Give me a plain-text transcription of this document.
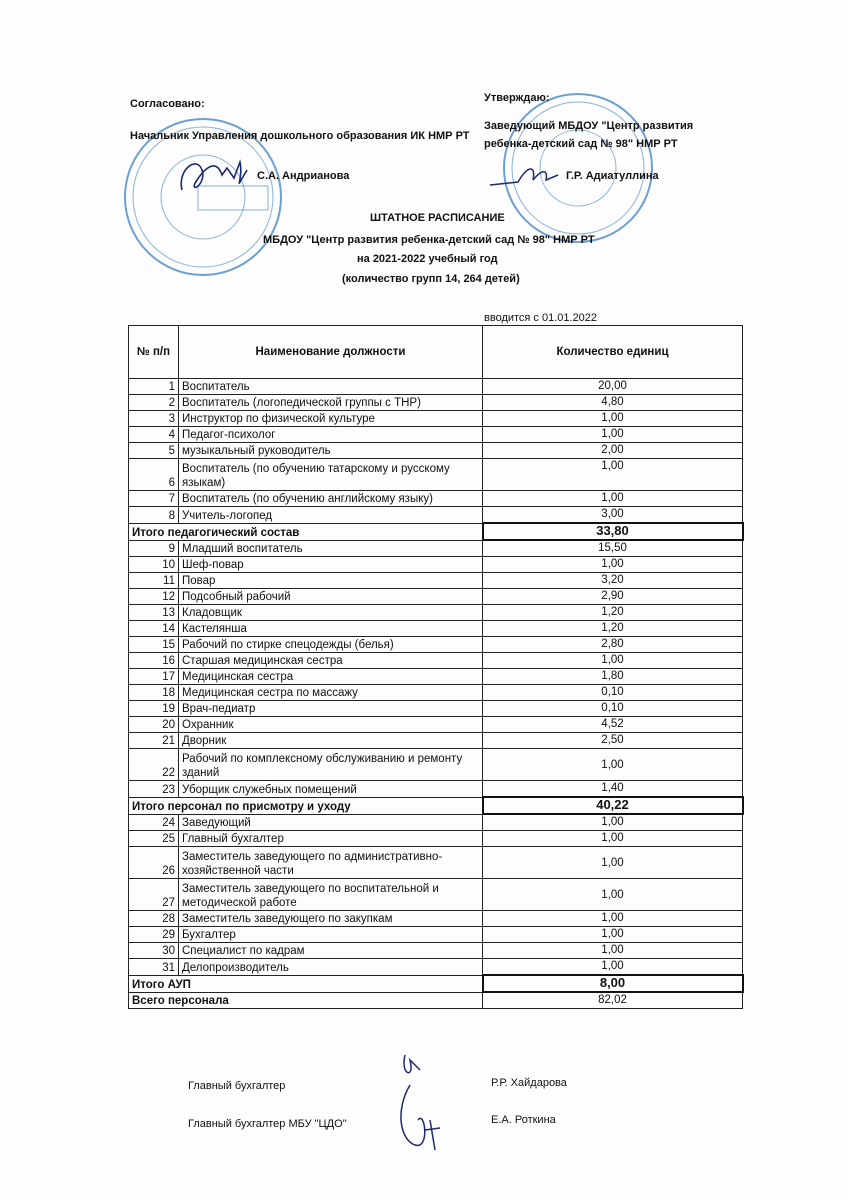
Согласовано:
Начальник Управления дошкольного образования ИК НМР РТ
С.А. Андрианова
Утверждаю:
Заведующий МБДОУ "Центр развития
ребенка-детский сад № 98" НМР РТ
Г.Р. Адиатуллина
ШТАТНОЕ РАСПИСАНИЕ
МБДОУ "Центр развития ребенка-детский сад № 98" НМР РТ
на 2021-2022 учебный год
(количество групп 14, 264 детей)
вводится с 01.01.2022
№ п/п	Наименование должности	Количество единиц
1	Воспитатель	20,00
2	Воспитатель (логопедической группы с ТНР)	4,80
3	Инструктор по физической культуре	1,00
4	Педагог-психолог	1,00
5	музыкальный руководитель	2,00
6	Воспитатель (по обучению татарскому и русскому языкам)	1,00
7	Воспитатель (по обучению английскому языку)	1,00
8	Учитель-логопед	3,00
Итого педагогический состав		33,80
9	Младший воспитатель	15,50
10	Шеф-повар	1,00
11	Повар	3,20
12	Подсобный рабочий	2,90
13	Кладовщик	1,20
14	Кастелянша	1,20
15	Рабочий по стирке спецодежды (белья)	2,80
16	Старшая медицинская сестра	1,00
17	Медицинская сестра	1,80
18	Медицинская сестра по массажу	0,10
19	Врач-педиатр	0,10
20	Охранник	4,52
21	Дворник	2,50
22	Рабочий по комплексному обслуживанию и ремонту зданий	1,00
23	Уборщик служебных помещений	1,40
Итого персонал по присмотру и уходу		40,22
24	Заведующий	1,00
25	Главный бухгалтер	1,00
26	Заместитель заведующего по административно-хозяйственной части	1,00
27	Заместитель заведующего по воспитательной и методической работе	1,00
28	Заместитель заведующего по закупкам	1,00
29	Бухгалтер	1,00
30	Специалист по кадрам	1,00
31	Делопроизводитель	1,00
Итого АУП		8,00
Всего персонала		82,02
Главный бухгалтер	Р.Р. Хайдарова
Главный бухгалтер МБУ "ЦДО"	Е.А. Роткина
